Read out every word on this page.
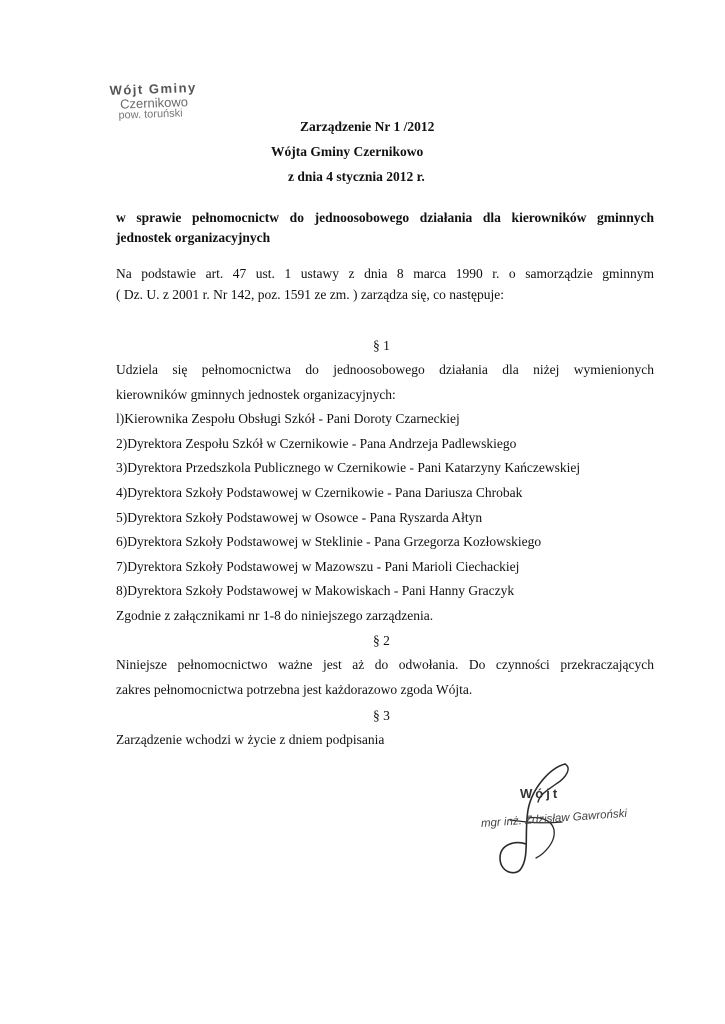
Wójt Gminy
Czernikowo
pow. toruński
Zarządzenie Nr 1 /2012
Wójta Gminy Czernikowo
z dnia 4 stycznia 2012 r.
w sprawie pełnomocnictw do jednoosobowego działania dla kierowników gminnych
jednostek organizacyjnych
Na podstawie art. 47 ust. 1 ustawy z dnia 8 marca 1990 r. o samorządzie gminnym
( Dz. U. z 2001 r. Nr 142, poz. 1591 ze zm. ) zarządza się, co następuje:
§ 1
Udziela się pełnomocnictwa do jednoosobowego działania dla niżej wymienionych
kierowników gminnych jednostek organizacyjnych:
l)Kierownika Zespołu Obsługi Szkół - Pani Doroty Czarneckiej
2)Dyrektora Zespołu Szkół w Czernikowie - Pana Andrzeja Padlewskiego
3)Dyrektora Przedszkola Publicznego w Czernikowie - Pani Katarzyny Kańczewskiej
4)Dyrektora Szkoły Podstawowej w Czernikowie - Pana Dariusza Chrobak
5)Dyrektora Szkoły Podstawowej w Osowce - Pana Ryszarda Ałtyn
6)Dyrektora Szkoły Podstawowej w Steklinie - Pana Grzegorza Kozłowskiego
7)Dyrektora Szkoły Podstawowej w Mazowszu - Pani Marioli Ciechackiej
8)Dyrektora Szkoły Podstawowej w Makowiskach - Pani Hanny Graczyk
Zgodnie z załącznikami nr 1-8 do niniejszego zarządzenia.
§ 2
Niniejsze pełnomocnictwo ważne jest aż do odwołania. Do czynności przekraczających
zakres pełnomocnictwa potrzebna jest każdorazowo zgoda Wójta.
§ 3
Zarządzenie wchodzi w życie z dniem podpisania
Wójt
mgr inż. Zdzisław Gawroński
